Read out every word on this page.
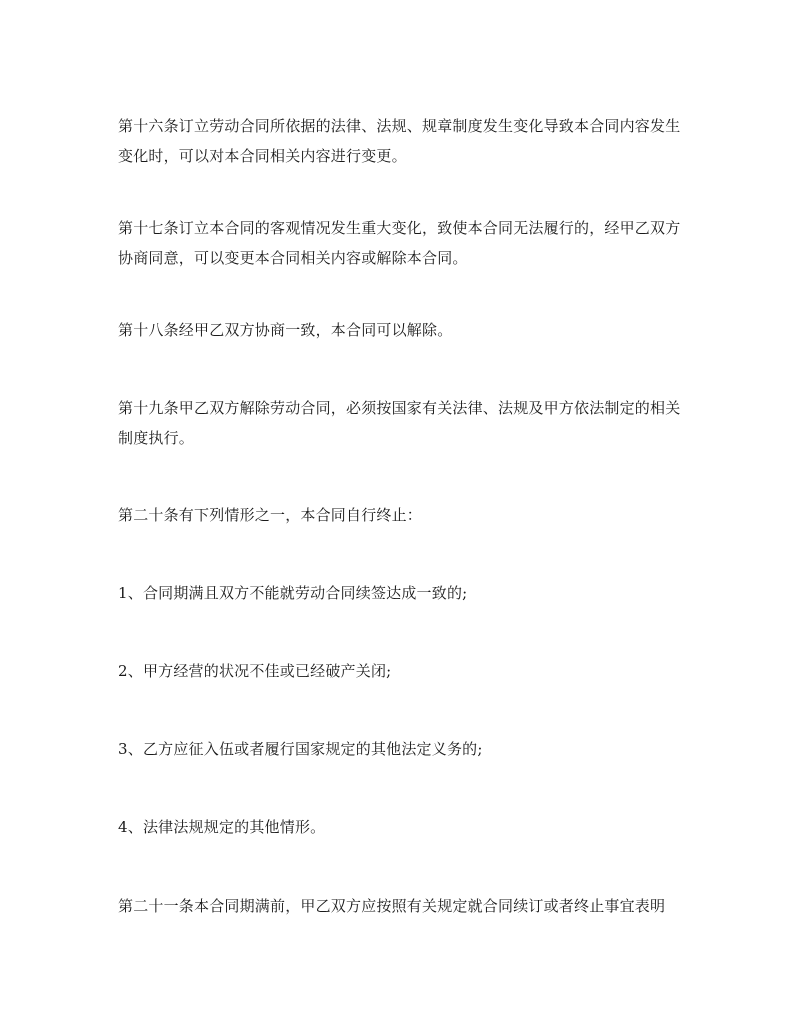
第十六条订立劳动合同所依据的法律、法规、规章制度发生变化导致本合同内容发生变化时，可以对本合同相关内容进行变更。

第十七条订立本合同的客观情况发生重大变化，致使本合同无法履行的，经甲乙双方协商同意，可以变更本合同相关内容或解除本合同。

第十八条经甲乙双方协商一致，本合同可以解除。

第十九条甲乙双方解除劳动合同，必须按国家有关法律、法规及甲方依法制定的相关制度执行。

第二十条有下列情形之一，本合同自行终止：

1、合同期满且双方不能就劳动合同续签达成一致的;

2、甲方经营的状况不佳或已经破产关闭;

3、乙方应征入伍或者履行国家规定的其他法定义务的;

4、法律法规规定的其他情形。

第二十一条本合同期满前，甲乙双方应按照有关规定就合同续订或者终止事宜表明
